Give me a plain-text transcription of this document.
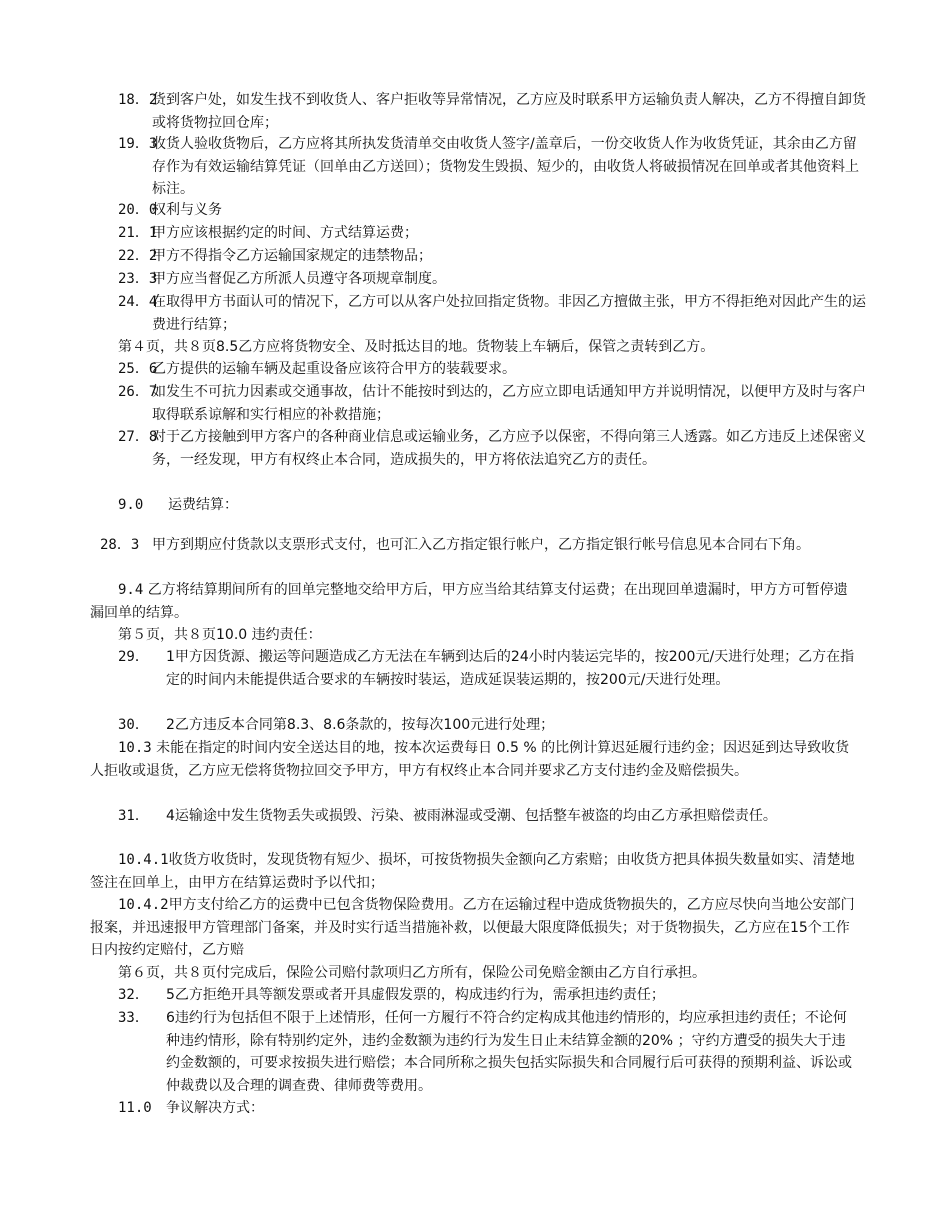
18．2
货到客户处，如发生找不到收货人、客户拒收等异常情况，乙方应及时联系甲方运输负责人解决，乙方不得擅自卸货或将货物拉回仓库；
19．3
收货人验收货物后，乙方应将其所执发货清单交由收货人签字/盖章后，一份交收货人作为收货凭证，其余由乙方留存作为有效运输结算凭证（回单由乙方送回）；货物发生毁损、短少的，由收货人将破损情况在回单或者其他资料上标注。
20．0
权利与义务
21．1
甲方应该根据约定的时间、方式结算运费；
22．2
甲方不得指令乙方运输国家规定的违禁物品；
23．3
甲方应当督促乙方所派人员遵守各项规章制度。
24．4
在取得甲方书面认可的情况下，乙方可以从客户处拉回指定货物。非因乙方擅做主张，甲方不得拒绝对因此产生的运费进行结算；
第４页，共８页8.5乙方应将货物安全、及时抵达目的地。货物装上车辆后，保管之责转到乙方。
25．6
乙方提供的运输车辆及起重设备应该符合甲方的装载要求。
26．7
如发生不可抗力因素或交通事故，估计不能按时到达的，乙方应立即电话通知甲方并说明情况，以便甲方及时与客户取得联系谅解和实行相应的补救措施；
27．8
对于乙方接触到甲方客户的各种商业信息或运输业务，乙方应予以保密，不得向第三人透露。如乙方违反上述保密义务，一经发现，甲方有权终止本合同，造成损失的，甲方将依法追究乙方的责任。
9.0 运费结算：
28．3 甲方到期应付货款以支票形式支付，也可汇入乙方指定银行帐户，乙方指定银行帐号信息见本合同右下角。
9.4 乙方将结算期间所有的回单完整地交给甲方后，甲方应当给其结算支付运费；在出现回单遗漏时，甲方方可暂停遗漏回单的结算。
第５页，共８页10.0 违约责任：
29． 1甲方因货源、搬运等问题造成乙方无法在车辆到达后的24小时内装运完毕的，按200元/天进行处理；乙方在指定的时间内未能提供适合要求的车辆按时装运，造成延误装运期的，按200元/天进行处理。
30． 2乙方违反本合同第8.3、8.6条款的，按每次100元进行处理；
10.3 未能在指定的时间内安全送达目的地，按本次运费每日 0.5 % 的比例计算迟延履行违约金；因迟延到达导致收货人拒收或退货，乙方应无偿将货物拉回交予甲方，甲方有权终止本合同并要求乙方支付违约金及赔偿损失。
31． 4运输途中发生货物丢失或损毁、污染、被雨淋湿或受潮、包括整车被盗的均由乙方承担赔偿责任。
10.4.1收货方收货时，发现货物有短少、损坏，可按货物损失金额向乙方索赔；由收货方把具体损失数量如实、清楚地签注在回单上，由甲方在结算运费时予以代扣；
10.4.2甲方支付给乙方的运费中已包含货物保险费用。乙方在运输过程中造成货物损失的，乙方应尽快向当地公安部门报案，并迅速报甲方管理部门备案，并及时实行适当措施补救，以便最大限度降低损失；对于货物损失，乙方应在15个工作日内按约定赔付，乙方赔
第６页，共８页付完成后，保险公司赔付款项归乙方所有，保险公司免赔金额由乙方自行承担。
32． 5乙方拒绝开具等额发票或者开具虚假发票的，构成违约行为，需承担违约责任；
33． 6违约行为包括但不限于上述情形，任何一方履行不符合约定构成其他违约情形的，均应承担违约责任；不论何种违约情形，除有特别约定外，违约金数额为违约行为发生日止未结算金额的20% ；守约方遭受的损失大于违约金数额的，可要求按损失进行赔偿；本合同所称之损失包括实际损失和合同履行后可获得的预期利益、诉讼或仲裁费以及合理的调查费、律师费等费用。
11.0 争议解决方式：
